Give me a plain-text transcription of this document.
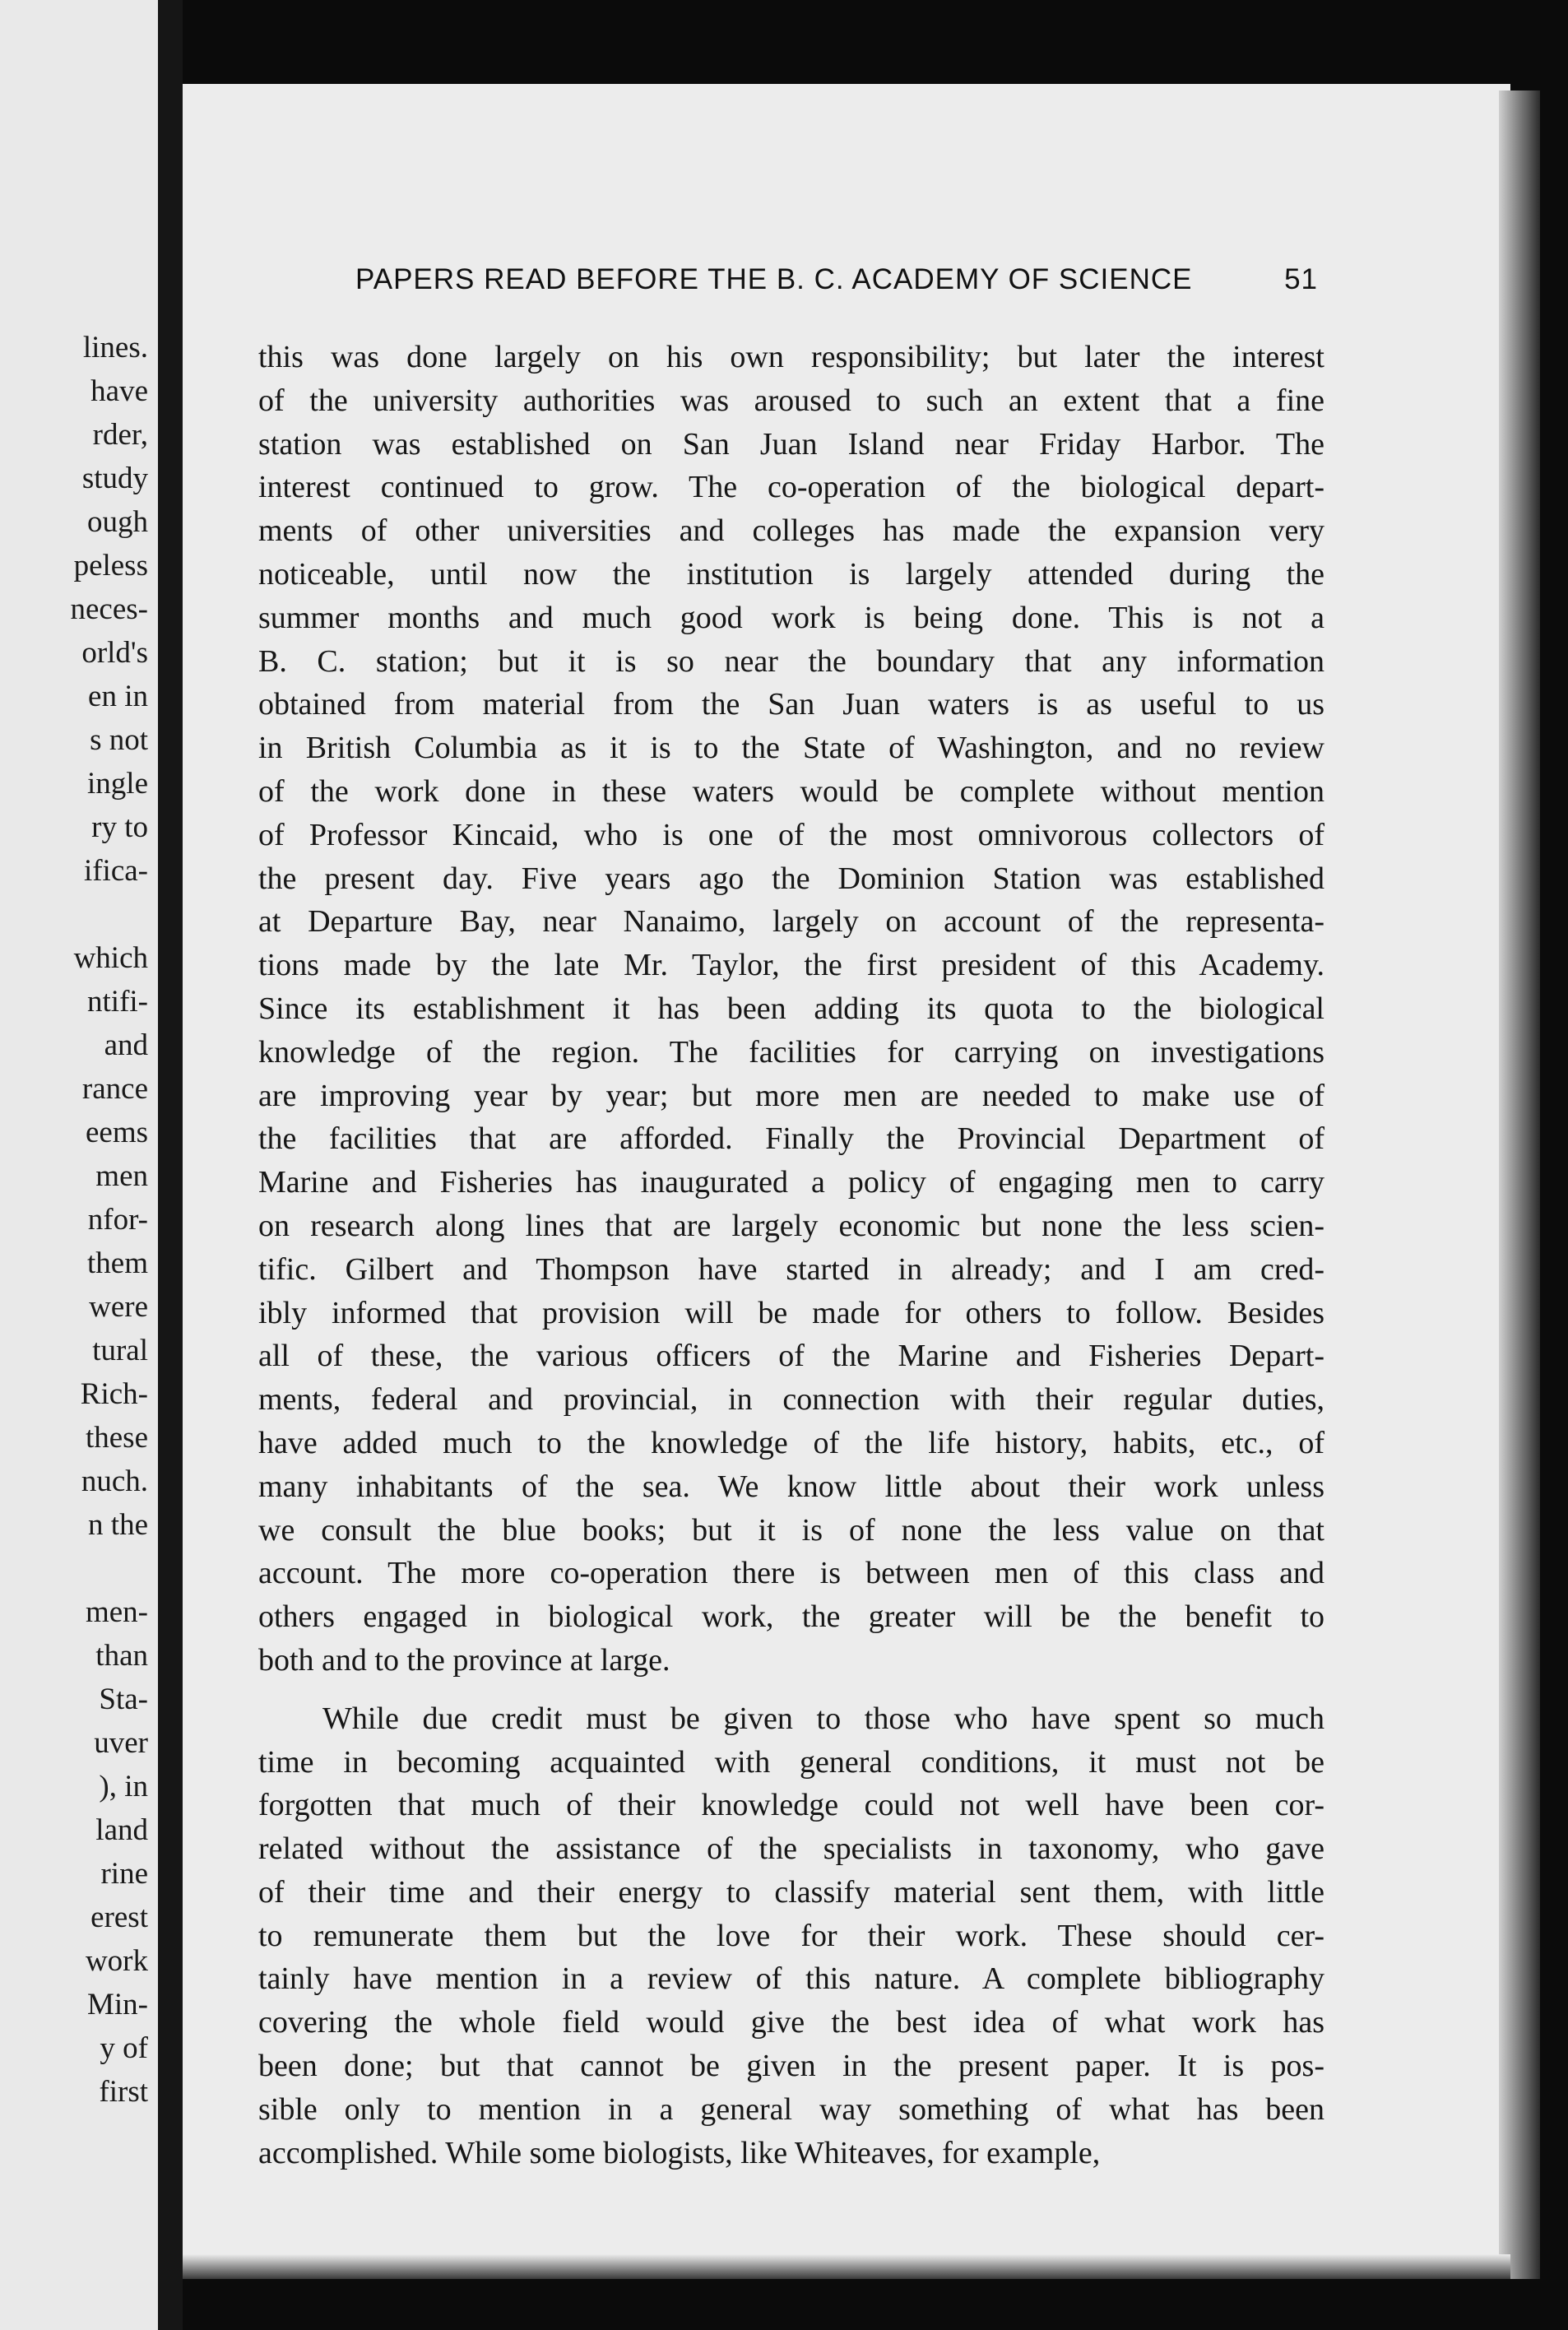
lines.
have
rder,
study
ough
peless
neces-
orld's
en in
s not
ingle
ry to
ifica-

which
ntifi-
and
rance
eems
men
nfor-
them
were
tural
Rich-
these
nuch.
n the

men-
than
Sta-
uver
), in
land
rine
erest
work
Min-
y of
first
PAPERS READ BEFORE THE B. C. ACADEMY OF SCIENCE	51
this was done largely on his own responsibility; but later the interest
of the university authorities was aroused to such an extent that a fine
station was established on San Juan Island near Friday Harbor. The
interest continued to grow. The co-operation of the biological depart-
ments of other universities and colleges has made the expansion very
noticeable, until now the institution is largely attended during the
summer months and much good work is being done. This is not a
B. C. station; but it is so near the boundary that any information
obtained from material from the San Juan waters is as useful to us
in British Columbia as it is to the State of Washington, and no review
of the work done in these waters would be complete without mention
of Professor Kincaid, who is one of the most omnivorous collectors of
the present day. Five years ago the Dominion Station was established
at Departure Bay, near Nanaimo, largely on account of the representa-
tions made by the late Mr. Taylor, the first president of this Academy.
Since its establishment it has been adding its quota to the biological
knowledge of the region. The facilities for carrying on investigations
are improving year by year; but more men are needed to make use of
the facilities that are afforded. Finally the Provincial Department of
Marine and Fisheries has inaugurated a policy of engaging men to carry
on research along lines that are largely economic but none the less scien-
tific. Gilbert and Thompson have started in already; and I am cred-
ibly informed that provision will be made for others to follow. Besides
all of these, the various officers of the Marine and Fisheries Depart-
ments, federal and provincial, in connection with their regular duties,
have added much to the knowledge of the life history, habits, etc., of
many inhabitants of the sea. We know little about their work unless
we consult the blue books; but it is of none the less value on that
account. The more co-operation there is between men of this class and
others engaged in biological work, the greater will be the benefit to
both and to the province at large.
While due credit must be given to those who have spent so much
time in becoming acquainted with general conditions, it must not be
forgotten that much of their knowledge could not well have been cor-
related without the assistance of the specialists in taxonomy, who gave
of their time and their energy to classify material sent them, with little
to remunerate them but the love for their work. These should cer-
tainly have mention in a review of this nature. A complete bibliography
covering the whole field would give the best idea of what work has
been done; but that cannot be given in the present paper. It is pos-
sible only to mention in a general way something of what has been
accomplished. While some biologists, like Whiteaves, for example,
